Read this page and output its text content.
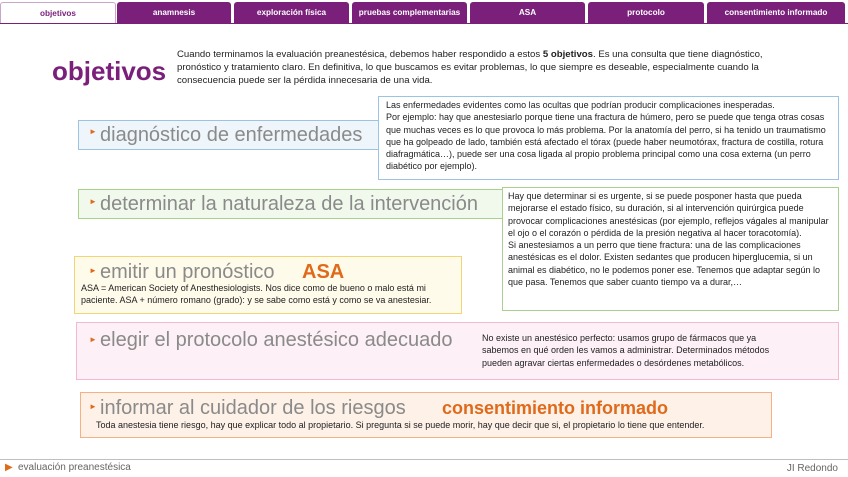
objetivos	anamnesis	exploración física	pruebas complementarias	ASA	protocolo	consentimiento informado
objetivos
Cuando terminamos la evaluación preanestésica, debemos haber respondido a estos 5 objetivos. Es una consulta que tiene diagnóstico, pronóstico y tratamiento claro. En definitiva, lo que buscamos es evitar problemas, lo que siempre es deseable, especialmente cuando la consecuencia puede ser la pérdida innecesaria de una vida.
► diagnóstico de enfermedades
Las enfermedades evidentes como las ocultas que podrían producir complicaciones inesperadas.
Por ejemplo: hay que anestesiarlo porque tiene una fractura de húmero, pero se puede que tenga otras cosas que muchas veces es lo que provoca lo más problema. Por la anatomía del perro, si ha tenido un traumatismo que ha golpeado de lado, también está afectado el tórax (puede haber neumotórax, fractura de costilla, rotura diafragmática…), puede ser una cosa ligada al propio problema principal como una cosa externa (un perro diabético por ejemplo).
► determinar la naturaleza de la intervención	Hay que determinar si es urgente, si se puede posponer hasta que pueda mejorarse el estado físico, su duración, si al intervención quirúrgica puede provocar complicaciones anestésicas (por ejemplo, reflejos vágales al manipular el ojo o el corazón o pérdida de la presión negativa al hacer toracotomía).
Si anestesiamos a un perro que tiene fractura: una de las complicaciones anestésicas es el dolor. Existen sedantes que producen hiperglucemia, si un animal es diabético, no le podemos poner ese. Tenemos que adaptar según lo que pasa. Tenemos que saber cuanto tiempo va a durar,…
► emitir un pronóstico ASA
ASA = American Society of Anesthesiologists. Nos dice como de bueno o malo está mi paciente. ASA + número romano (grado): y se sabe como está y como se va anestesiar.
► elegir el protocolo anestésico adecuado	No existe un anestésico perfecto: usamos grupo de fármacos que ya sabemos en qué orden les vamos a administrar. Determinados métodos pueden agravar ciertas enfermedades o desórdenes metabólicos.
► informar al cuidador de los riesgos consentimiento informado
Toda anestesia tiene riesgo, hay que explicar todo al propietario. Si pregunta si se puede morir, hay que decir que si, el propietario lo tiene que entender.
▶ evaluación preanestésica	JI Redondo
